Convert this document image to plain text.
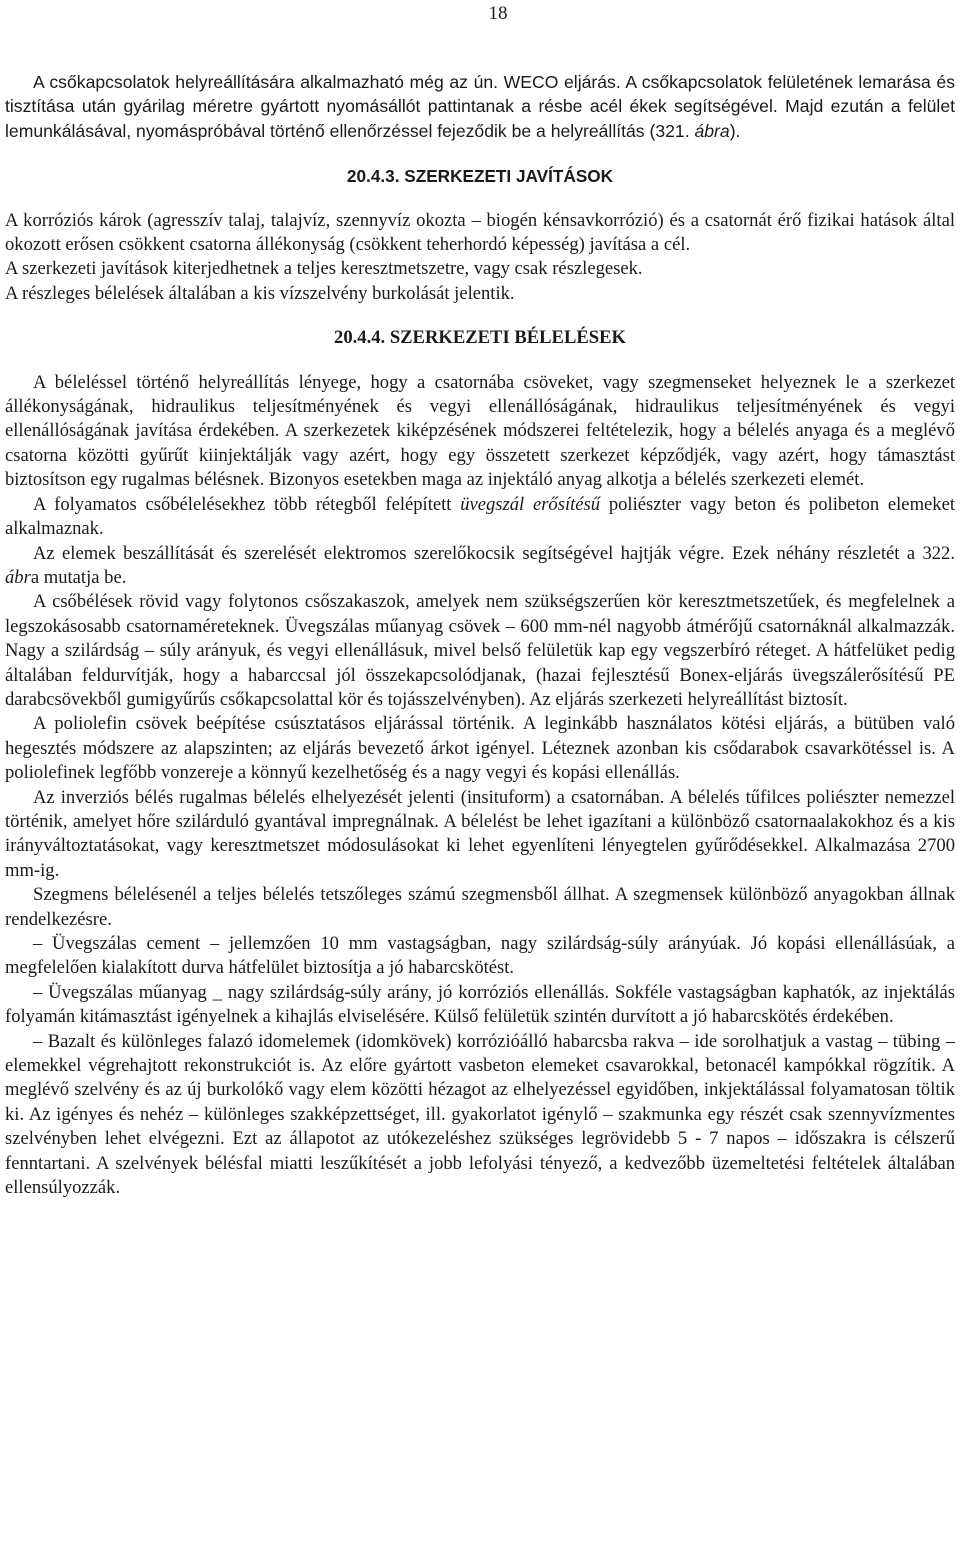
18

A csőkapcsolatok helyreállítására alkalmazható még az ún. WECO eljárás. A csőkapcsolatok felületének lemarása és tisztítása után gyárilag méretre gyártott nyomásállót pattintanak a résbe acél ékek segítségével. Majd ezután a felület lemunkálásával, nyomáspróbával történő ellenőrzéssel fejeződik be a helyreállítás (321. ábra).

20.4.3. SZERKEZETI JAVÍTÁSOK

A korróziós károk (agresszív talaj, talajvíz, szennyvíz okozta – biogén kénsavkorrózió) és a csatornát érő fizikai hatások által okozott erősen csökkent csatorna állékonyság (csökkent teherhordó képesség) javítása a cél.

A szerkezeti javítások kiterjedhetnek a teljes keresztmetszetre, vagy csak részlegesek.

A részleges bélelések általában a kis vízszelvény burkolását jelentik.

20.4.4. SZERKEZETI BÉLELÉSEK

A béleléssel történő helyreállítás lényege, hogy a csatornába csöveket, vagy szegmenseket helyeznek le a szerkezet állékonyságának, hidraulikus teljesítményének és vegyi ellenállóságának, hidraulikus teljesítményének és vegyi ellenállóságának javítása érdekében. A szerkezetek kiképzésének módszerei feltételezik, hogy a bélelés anyaga és a meglévő csatorna közötti gyűrűt kiinjektálják vagy azért, hogy egy összetett szerkezet képződjék, vagy azért, hogy támasztást biztosítson egy rugalmas bélésnek. Bizonyos esetekben maga az injektáló anyag alkotja a bélelés szerkezeti elemét.

A folyamatos csőbélelésekhez több rétegből felépített üvegszál erősítésű poliészter vagy beton és polibeton elemeket alkalmaznak.

Az elemek beszállítását és szerelését elektromos szerelőkocsik segítségével hajtják végre. Ezek néhány részletét a 322. ábra mutatja be.

A csőbélések rövid vagy folytonos csőszakaszok, amelyek nem szükségszerűen kör keresztmetszetűek, és megfelelnek a legszokásosabb csatornaméreteknek. Üvegszálas műanyag csövek – 600 mm-nél nagyobb átmérőjű csatornáknál alkalmazzák. Nagy a szilárdság – súly arányuk, és vegyi ellenállásuk, mivel belső felületük kap egy vegszerbíró réteget. A hátfelüket pedig általában feldurvítják, hogy a habarccsal jól összekapcsolódjanak, (hazai fejlesztésű Bonex-eljárás üvegszálerősítésű PE darabcsövekből gumigyűrűs csőkapcsolattal kör és tojásszelvényben). Az eljárás szerkezeti helyreállítást biztosít.

A poliolefin csövek beépítése csúsztatásos eljárással történik. A leginkább használatos kötési eljárás, a bütüben való hegesztés módszere az alapszinten; az eljárás bevezető árkot igényel. Léteznek azonban kis csődarabok csavarkötéssel is. A poliolefinek legfőbb vonzereje a könnyű kezelhetőség és a nagy vegyi és kopási ellenállás.

Az inverziós bélés rugalmas bélelés elhelyezését jelenti (insituform) a csatornában. A bélelés tűfilces poliészter nemezzel történik, amelyet hőre szilárduló gyantával impregnálnak. A bélelést be lehet igazítani a különböző csatornaalakokhoz és a kis irányváltoztatásokat, vagy keresztmetszet módosulásokat ki lehet egyenlíteni lényegtelen gyűrődésekkel. Alkalmazása 2700 mm-ig.

Szegmens bélelésenél a teljes bélelés tetszőleges számú szegmensből állhat. A szegmensek különböző anyagokban állnak rendelkezésre.

– Üvegszálas cement – jellemzően 10 mm vastagságban, nagy szilárdság-súly arányúak. Jó kopási ellenállásúak, a megfelelően kialakított durva hátfelület biztosítja a jó habarcskötést.

– Üvegszálas műanyag _ nagy szilárdság-súly arány, jó korróziós ellenállás. Sokféle vastagságban kaphatók, az injektálás folyamán kitámasztást igényelnek a kihajlás elviselésére. Külső felületük szintén durvított a jó habarcskötés érdekében.

– Bazalt és különleges falazó idomelemek (idomkövek) korrózióálló habarcsba rakva – ide sorolhatjuk a vastag – tübing – elemekkel végrehajtott rekonstrukciót is. Az előre gyártott vasbeton elemeket csavarokkal, betonacél kampókkal rögzítik. A meglévő szelvény és az új burkolókő vagy elem közötti hézagot az elhelyezéssel egyidőben, inkjektálással folyamatosan töltik ki. Az igényes és nehéz – különleges szakképzettséget, ill. gyakorlatot igénylő – szakmunka egy részét csak szennyvízmentes szelvényben lehet elvégezni. Ezt az állapotot az utókezeléshez szükséges legrövidebb 5 - 7 napos – időszakra is célszerű fenntartani. A szelvények bélésfal miatti leszűkítését a jobb lefolyási tényező, a kedvezőbb üzemeltetési feltételek általában ellensúlyozzák.
